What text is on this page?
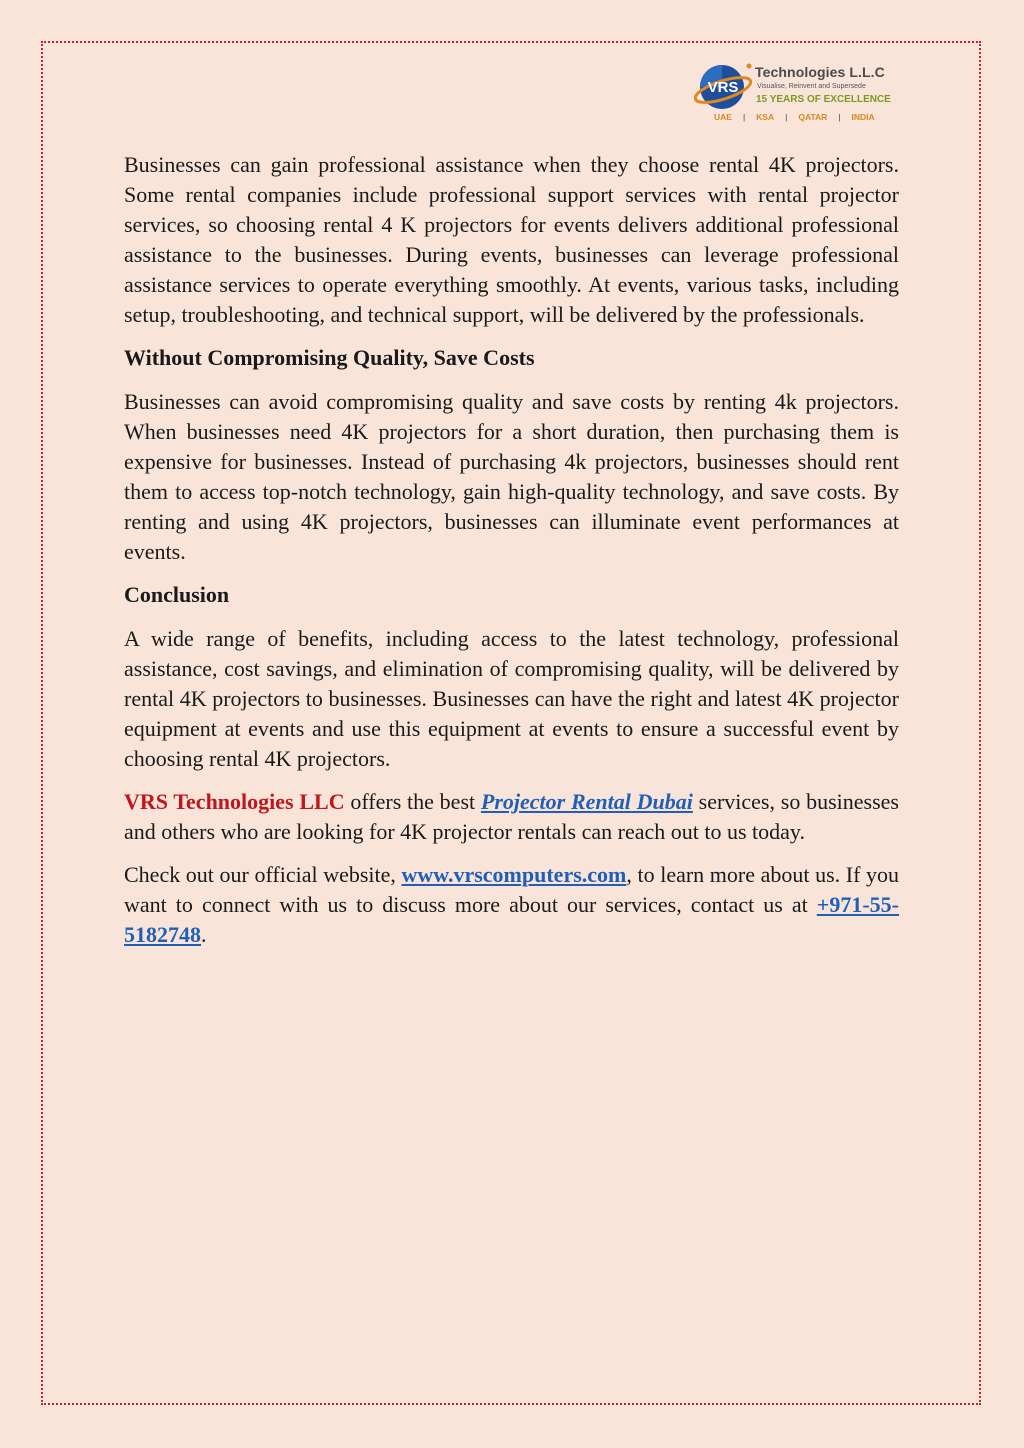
VRS
Technologies L.L.C
Visualise, Reinvent and Supersede
15 YEARS OF EXCELLENCE
UAE | KSA | QATAR | INDIA

Businesses can gain professional assistance when they choose rental 4K projectors. Some rental companies include professional support services with rental projector services, so choosing rental 4 K projectors for events delivers additional professional assistance to the businesses. During events, businesses can leverage professional assistance services to operate everything smoothly. At events, various tasks, including setup, troubleshooting, and technical support, will be delivered by the professionals.

Without Compromising Quality, Save Costs

Businesses can avoid compromising quality and save costs by renting 4k projectors. When businesses need 4K projectors for a short duration, then purchasing them is expensive for businesses. Instead of purchasing 4k projectors, businesses should rent them to access top-notch technology, gain high-quality technology, and save costs. By renting and using 4K projectors, businesses can illuminate event performances at events.

Conclusion

A wide range of benefits, including access to the latest technology, professional assistance, cost savings, and elimination of compromising quality, will be delivered by rental 4K projectors to businesses. Businesses can have the right and latest 4K projector equipment at events and use this equipment at events to ensure a successful event by choosing rental 4K projectors.

VRS Technologies LLC offers the best Projector Rental Dubai services, so businesses and others who are looking for 4K projector rentals can reach out to us today.

Check out our official website, www.vrscomputers.com, to learn more about us. If you want to connect with us to discuss more about our services, contact us at +971-55-5182748.
